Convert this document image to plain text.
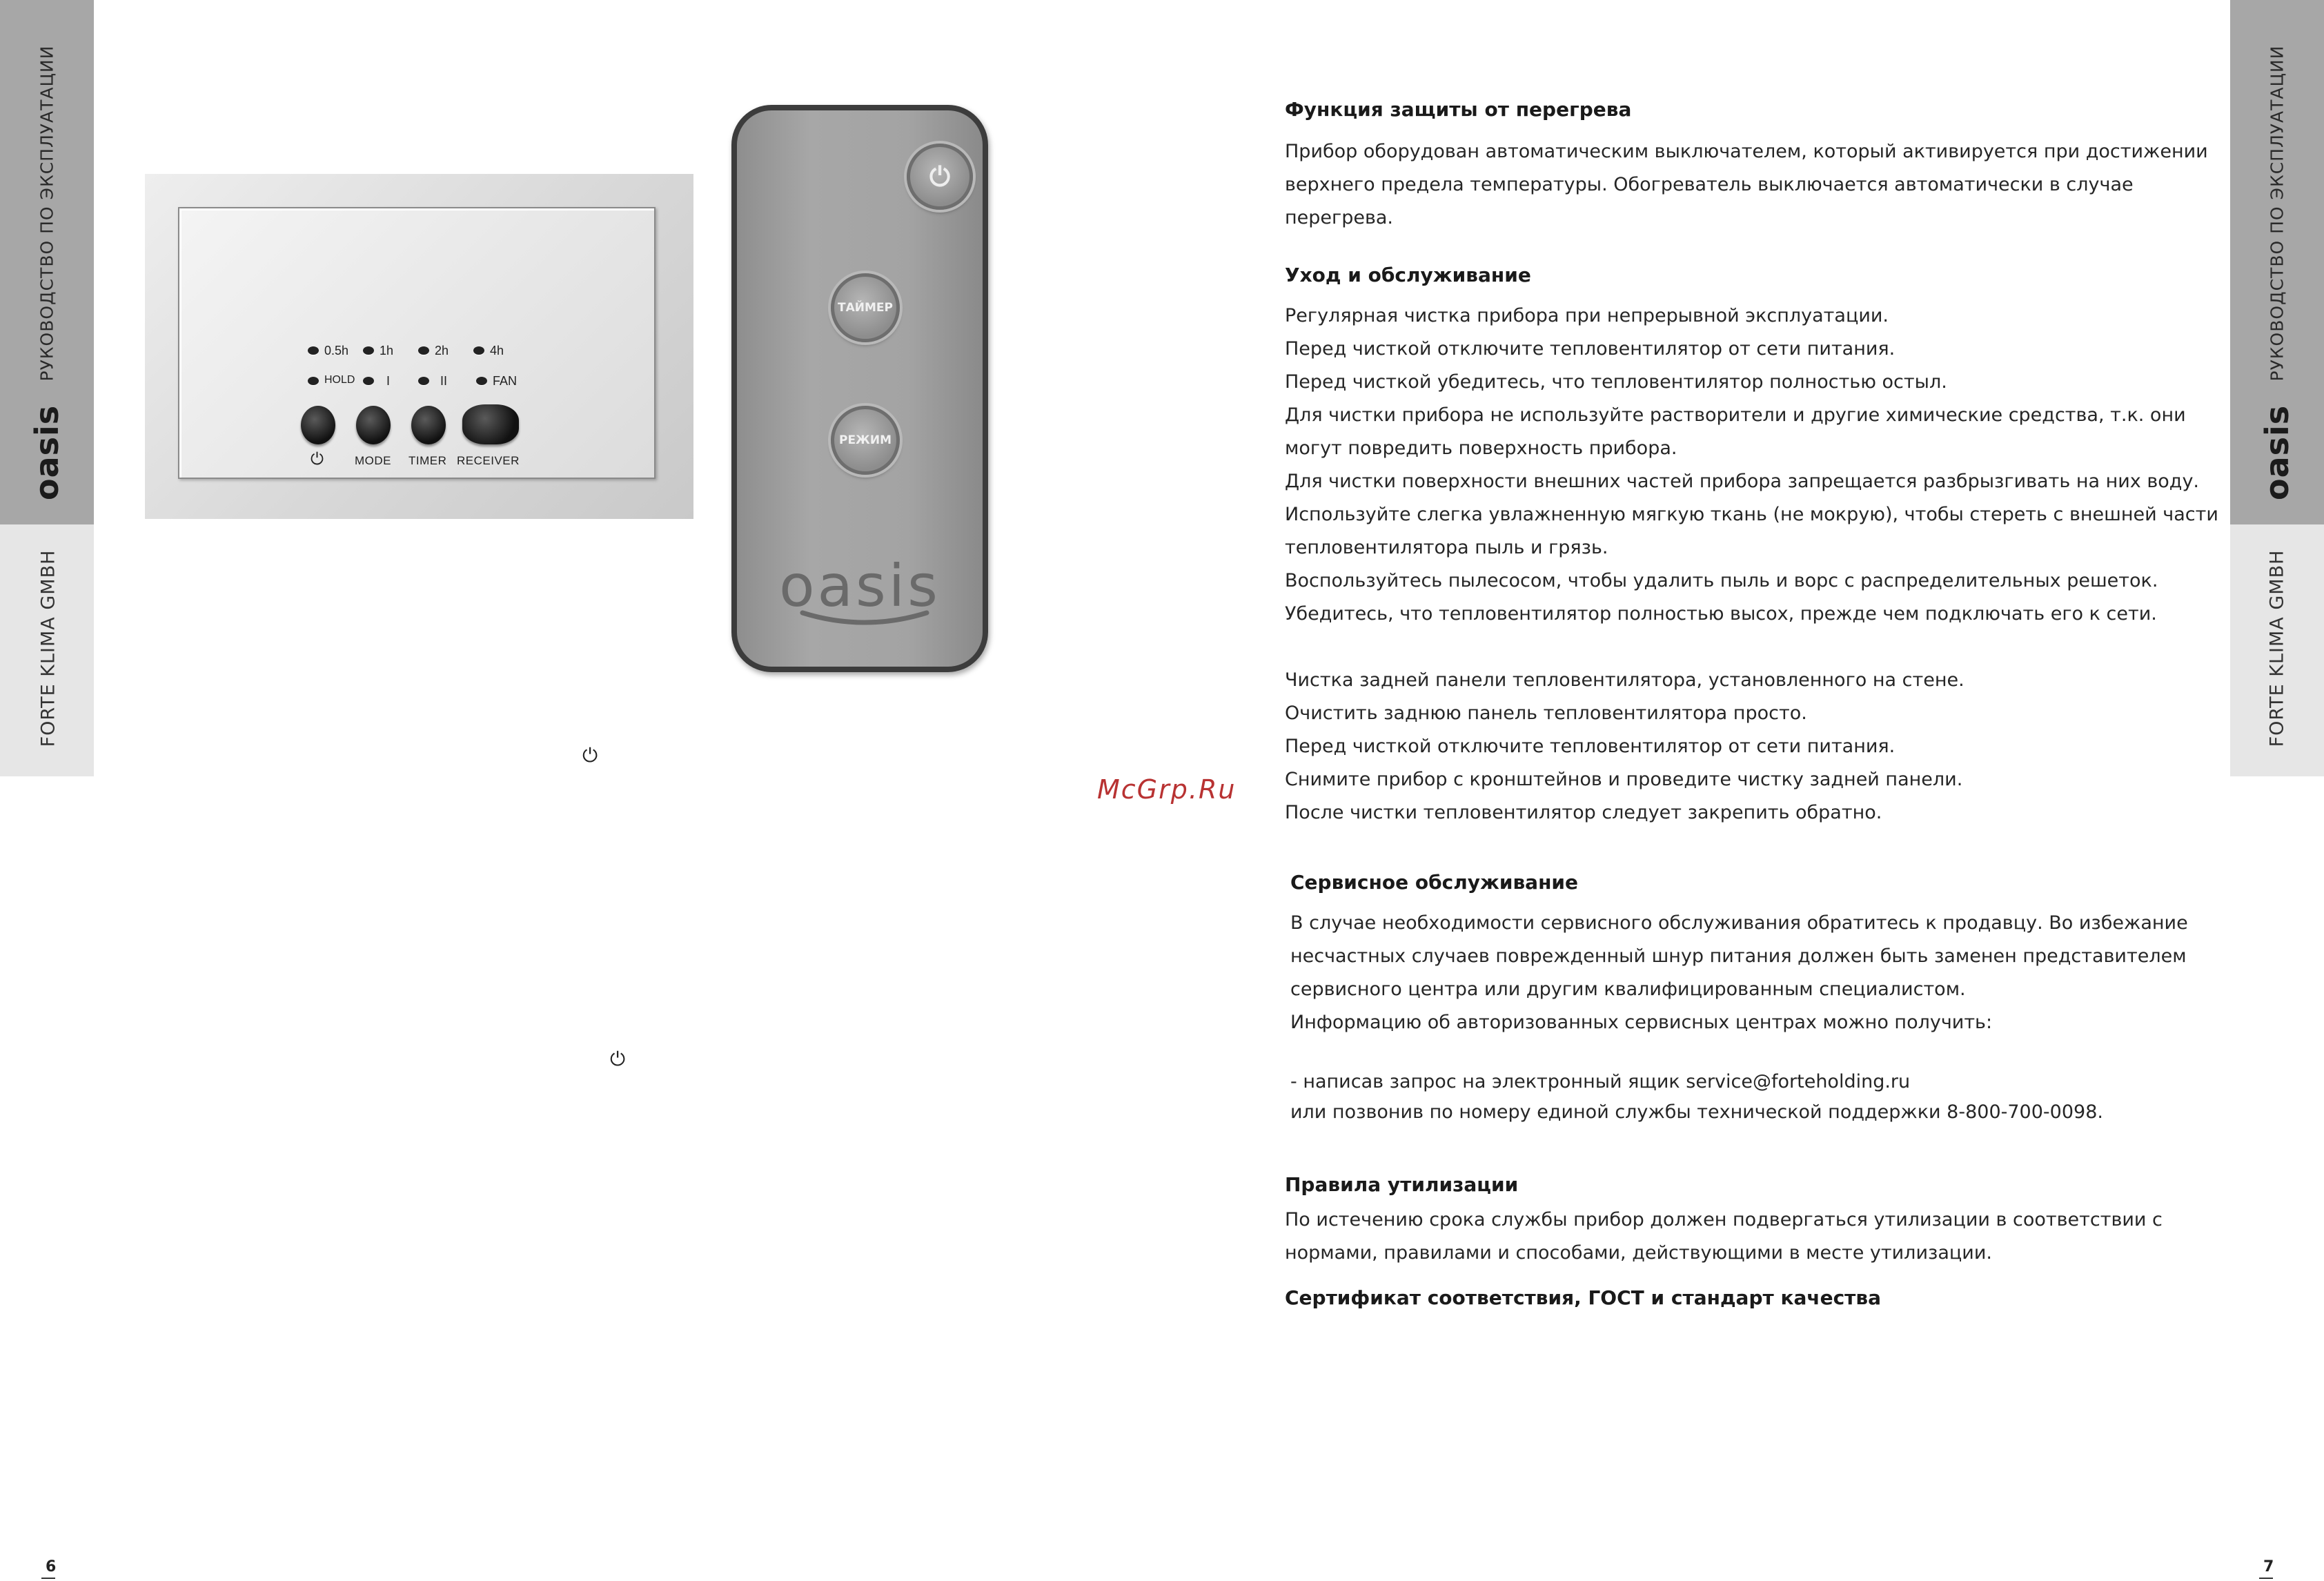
РУКОВОДСТВО ПО ЭКСПЛУАТАЦИИ
oasis
FORTE KLIMA GMBH
РУКОВОДСТВО ПО ЭКСПЛУАТАЦИИ
oasis
FORTE KLIMA GMBH
0.5h 1h	2h	4h
HOLD	I	II	FAN
⏻	MODE TIMER RECEIVER
⏻
ТАЙМЕР
РЕЖИМ
oasis
⏻
⏻
McGrp.Ru
Функция защиты от перегрева
Прибор оборудован автоматическим выключателем, который активируется при достижении
верхнего предела температуры. Обогреватель выключается автоматически в случае
перегрева.
Уход и обслуживание
Регулярная чистка прибора при непрерывной эксплуатации.
Перед чисткой отключите тепловентилятор от сети питания.
Перед чисткой убедитесь, что тепловентилятор полностью остыл.
Для чистки прибора не используйте растворители и другие химические средства, т.к. они
могут повредить поверхность прибора.
Для чистки поверхности внешних частей прибора запрещается разбрызгивать на них воду.
Используйте слегка увлажненную мягкую ткань (не мокрую), чтобы стереть с внешней части
тепловентилятора пыль и грязь.
Воспользуйтесь пылесосом, чтобы удалить пыль и ворс с распределительных решеток.
Убедитесь, что тепловентилятор полностью высох, прежде чем подключать его к сети.
Чистка задней панели тепловентилятора, установленного на стене.
Очистить заднюю панель тепловентилятора просто.
Перед чисткой отключите тепловентилятор от сети питания.
Снимите прибор с кронштейнов и проведите чистку задней панели.
После чистки тепловентилятор следует закрепить обратно.
Сервисное обслуживание
В случае необходимости сервисного обслуживания обратитесь к продавцу. Во избежание
несчастных случаев поврежденный шнур питания должен быть заменен представителем
сервисного центра или другим квалифицированным специалистом.
Информацию об авторизованных сервисных центрах можно получить:
- написав запрос на электронный ящик service@forteholding.ru
или позвонив по номеру единой службы технической поддержки 8-800-700-0098.
Правила утилизации
По истечению срока службы прибор должен подвергаться утилизации в соответствии с
нормами, правилами и способами, действующими в месте утилизации.
Сертификат соответствия, ГОСТ и стандарт качества
6	7
